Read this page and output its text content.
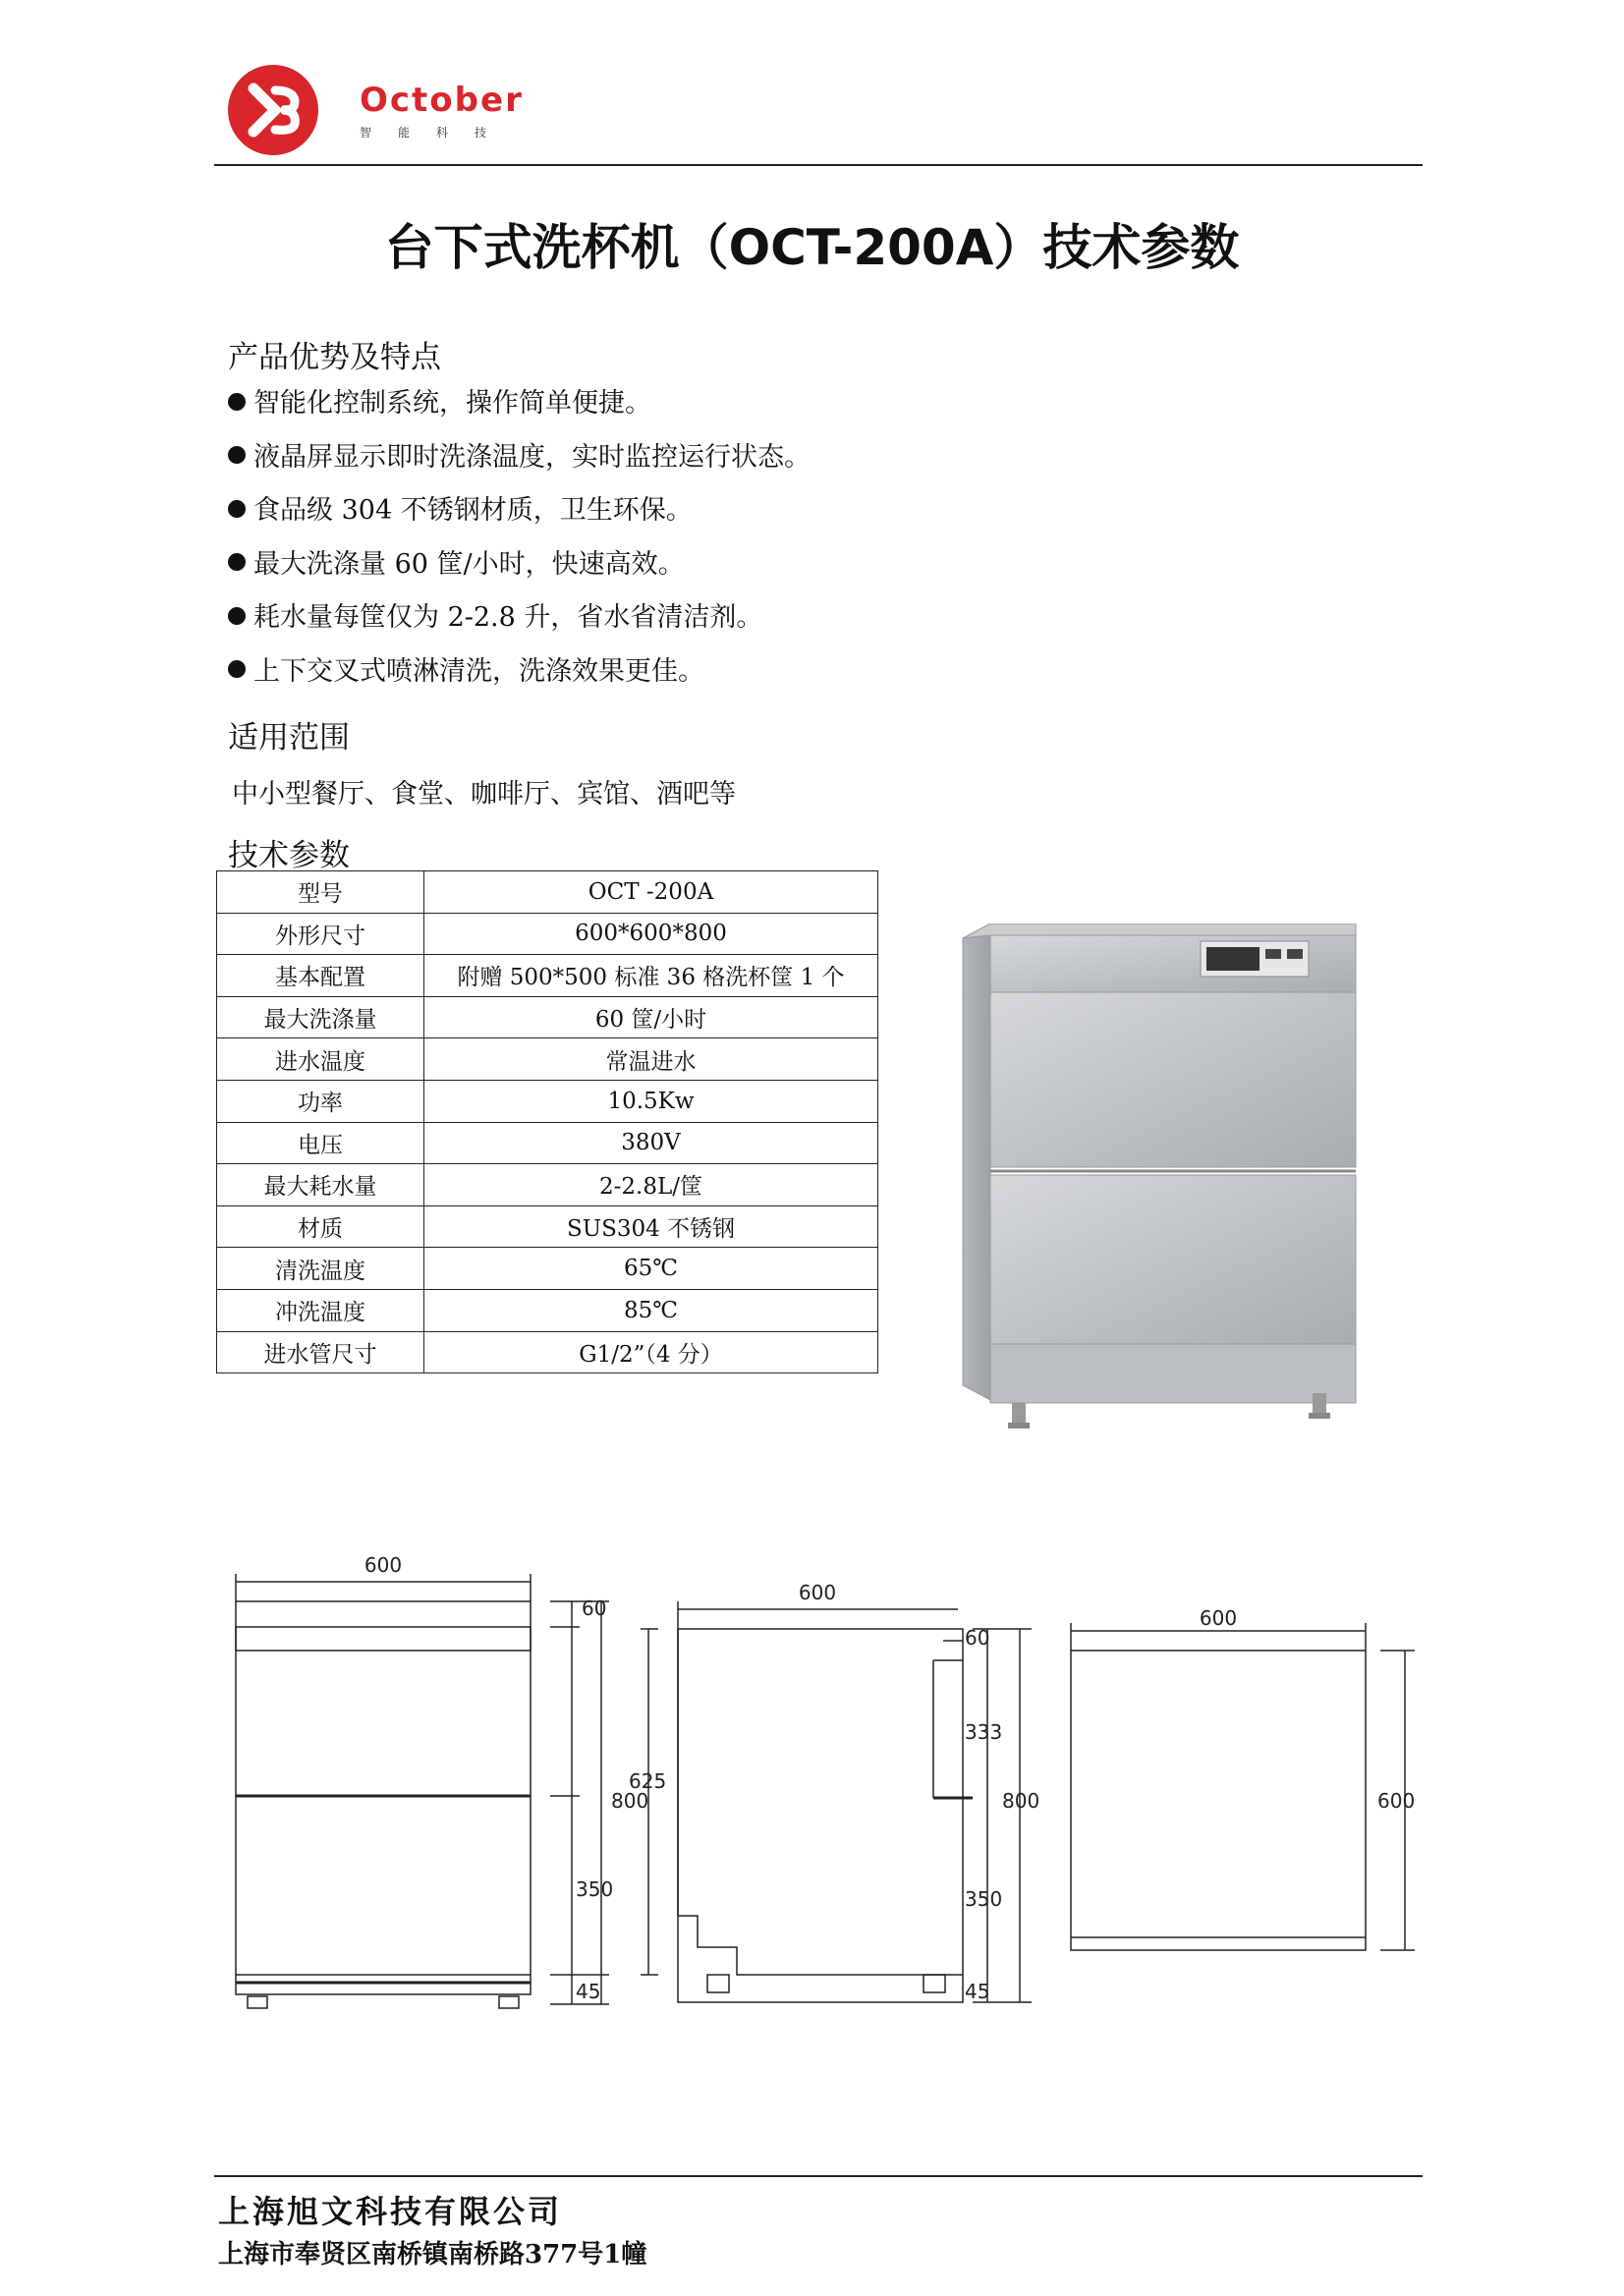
October
智能科技
台下式洗杯机（OCT-200A）技术参数
产品优势及特点
智能化控制系统，操作简单便捷。
液晶屏显示即时洗涤温度，实时监控运行状态。
食品级 304 不锈钢材质，卫生环保。
最大洗涤量 60 筐/小时，快速高效。
耗水量每筐仅为 2-2.8 升，省水省清洁剂。
上下交叉式喷淋清洗，洗涤效果更佳。
适用范围
中小型餐厅、食堂、咖啡厅、宾馆、酒吧等
技术参数
型号	OCT -200A
外形尺寸	600*600*800
基本配置	附赠 500*500 标准 36 格洗杯筐 1 个
最大洗涤量	60 筐/小时
进水温度	常温进水
功率	10.5Kw
电压	380V
最大耗水量	2-2.8L/筐
材质	SUS304 不锈钢
清洗温度	65℃
冲洗温度	85℃
进水管尺寸	G1/2”（4 分）
600
60
800
350
45
600
625
60
333
800
350
45
600
600
上海旭文科技有限公司
上海市奉贤区南桥镇南桥路377号1幢
